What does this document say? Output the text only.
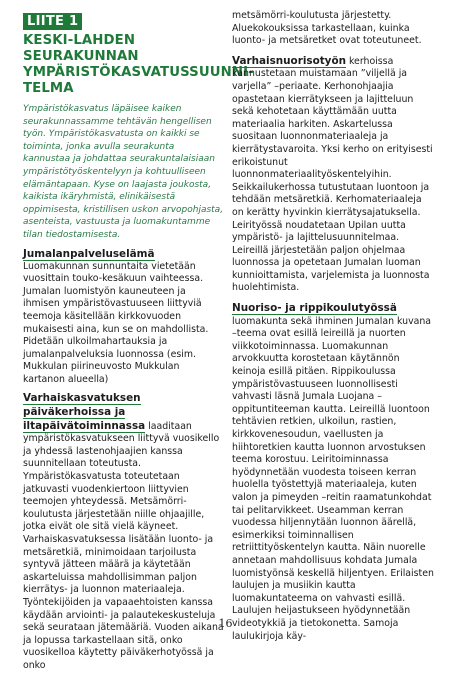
LIITE 1
KESKI-LAHDEN SEURAKUNNAN YMPÄRISTÖKASVATUSSUUNNI-TELMA

Ympäristökasvatus läpäisee kaiken seurakunnassamme tehtävän hengellisen työn. Ympäristökasvatusta on kaikki se toiminta, jonka avulla seurakunta kannustaa ja johdattaa seurakuntalaisiaan ympäristötyöskentelyyn ja kohtuulliseen elämäntapaan. Kyse on laajasta joukosta, kaikista ikäryhmistä, elinikäisestä oppimisesta, kristillisen uskon arvopohjasta, asenteista, vastuusta ja luomakuntamme tilan tiedostamisesta.

Jumalanpalveluselämä

Luomakunnan sunnuntaita vietetään vuosittain touko-kesäkuun vaihteessa. Jumalan luomistyön kauneuteen ja ihmisen ympäristövastuuseen liittyviä teemoja käsitellään kirkkovuoden mukaisesti aina, kun se on mahdollista. Pidetään ulkoilmahartauksia ja jumalanpalveluksia luonnossa (esim. Mukkulan piirineuvosto Mukkulan kartanon alueella)

Varhaiskasvatuksen päiväkerhoissa ja iltapäivätoiminnassa laaditaan ympäristökasvatukseen liittyvä vuosikello ja yhdessä lastenohjaajien kanssa suunnitellaan toteutusta. Ympäristökasvatusta toteutetaan jatkuvasti vuodenkiertoon liittyvien teemojen yhteydessä. Metsämörri-koulutusta järjestetään niille ohjaajille, jotka eivät ole sitä vielä käyneet. Varhaiskasvatuksessa lisätään luonto- ja metsäretkiä, minimoidaan tarjoilusta syntyvä jätteen määrä ja käytetään askarteluissa mahdollisimman paljon kierrätys- ja luonnon materiaaleja. Työntekijöiden ja vapaaehtoisten kanssa käydään arviointi- ja palautekeskusteluja sekä seurataan jätemääriä. Vuoden aikana ja lopussa tarkastellaan sitä, onko vuosikelloa käytetty päiväkerhotyössä ja onko

metsämörri-koulutusta järjestetty. Aluekokouksissa tarkastellaan, kuinka luonto- ja metsäretket ovat toteutuneet.

Varhaisnuorisotyön kerhoissa kannustetaan muistamaan ”viljellä ja varjella” –periaate. Kerhonohjaajia opastetaan kierrätykseen ja lajitteluun sekä kehotetaan käyttämään uutta materiaalia harkiten. Askartelussa suositaan luonnonmateriaaleja ja kierrätystavaroita. Yksi kerho on erityisesti erikoistunut luonnonmateriaalityöskentelyihin. Seikkailukerhossa tutustutaan luontoon ja tehdään metsäretkiä. Kerhomateriaaleja on kerätty hyvinkin kierrätysajatuksella. Leirityössä noudatetaan Upilan uutta ympäristö- ja lajittelusuunnitelmaa. Leireillä järjestetään paljon ohjelmaa luonnossa ja opetetaan Jumalan luoman kunnioittamista, varjelemista ja luonnosta huolehtimista.

Nuoriso- ja rippikoulutyössä luomakunta sekä ihminen Jumalan kuvana –teema ovat esillä leireillä ja nuorten viikkotoiminnassa. Luomakunnan arvokkuutta korostetaan käytännön keinoja esillä pitäen. Rippikoulussa ympäristövastuuseen luonnollisesti vahvasti läsnä Jumala Luojana –oppituntiteeman kautta. Leireillä luontoon tehtävien retkien, ulkoilun, rastien, kirkkovenesoudun, vaellusten ja hiihtoretkien kautta luonnon arvostuksen teema korostuu. Leiritoiminnassa hyödynnetään vuodesta toiseen kerran huolella työstettyjä materiaaleja, kuten valon ja pimeyden –reitin raamatunkohdat tai pelitarvikkeet. Useamman kerran vuodessa hiljennytään luonnon äärellä, esimerkiksi toiminnallisen retriittityöskentelyn kautta. Näin nuorelle annetaan mahdollisuus kohdata Jumala luomistyönsä keskellä hiljentyen. Erilaisten laulujen ja musiikin kautta luomakuntateema on vahvasti esillä. Laulujen heijastukseen hyödynnetään videotykkiä ja tietokonetta. Samoja laulukirjoja käy-

16
